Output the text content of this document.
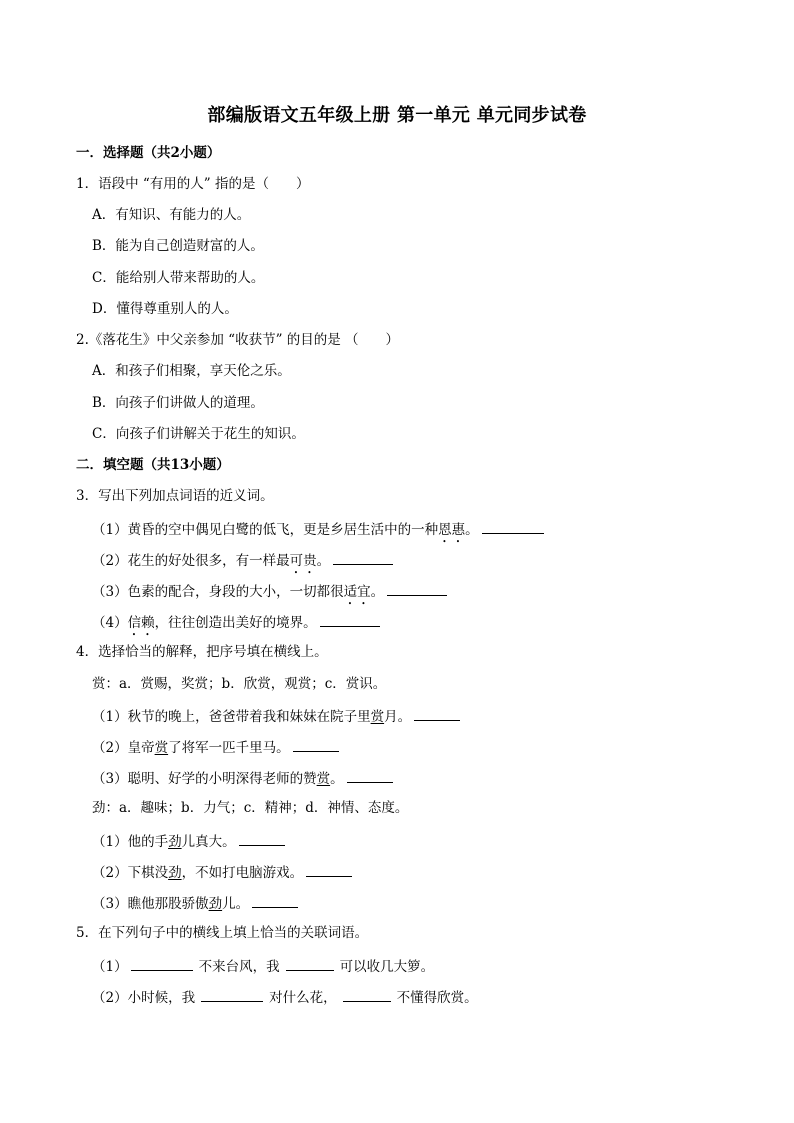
部编版语文五年级上册 第一单元 单元同步试卷
一．选择题（共2小题）
1．语段中 “有用的人” 指的是（　　）
A．有知识、有能力的人。
B．能为自己创造财富的人。
C．能给别人带来帮助的人。
D．懂得尊重别人的人。
2.《落花生》中父亲参加 “收获节” 的目的是 （　　）
A．和孩子们相聚，享天伦之乐。
B．向孩子们讲做人的道理。
C．向孩子们讲解关于花生的知识。
二．填空题（共13小题）
3．写出下列加点词语的近义词。
（1）黄昏的空中偶见白鹭的低飞，更是乡居生活中的一种恩惠。
（2）花生的好处很多，有一样最可贵。
（3）色素的配合，身段的大小，一切都很适宜。
（4）信赖，往往创造出美好的境界。
4．选择恰当的解释，把序号填在横线上。
赏：a．赏赐，奖赏；b．欣赏，观赏；c．赏识。
（1）秋节的晚上，爸爸带着我和妹妹在院子里赏月。
（2）皇帝赏了将军一匹千里马。
（3）聪明、好学的小明深得老师的赞赏。
劲：a．趣味；b．力气；c．精神；d．神情、态度。
（1）他的手劲儿真大。
（2）下棋没劲，不如打电脑游戏。
（3）瞧他那股骄傲劲儿。
5．在下列句子中的横线上填上恰当的关联词语。
（1）	不来台风，我	可以收几大箩。
（2）小时候，我	对什么花，	不懂得欣赏。
